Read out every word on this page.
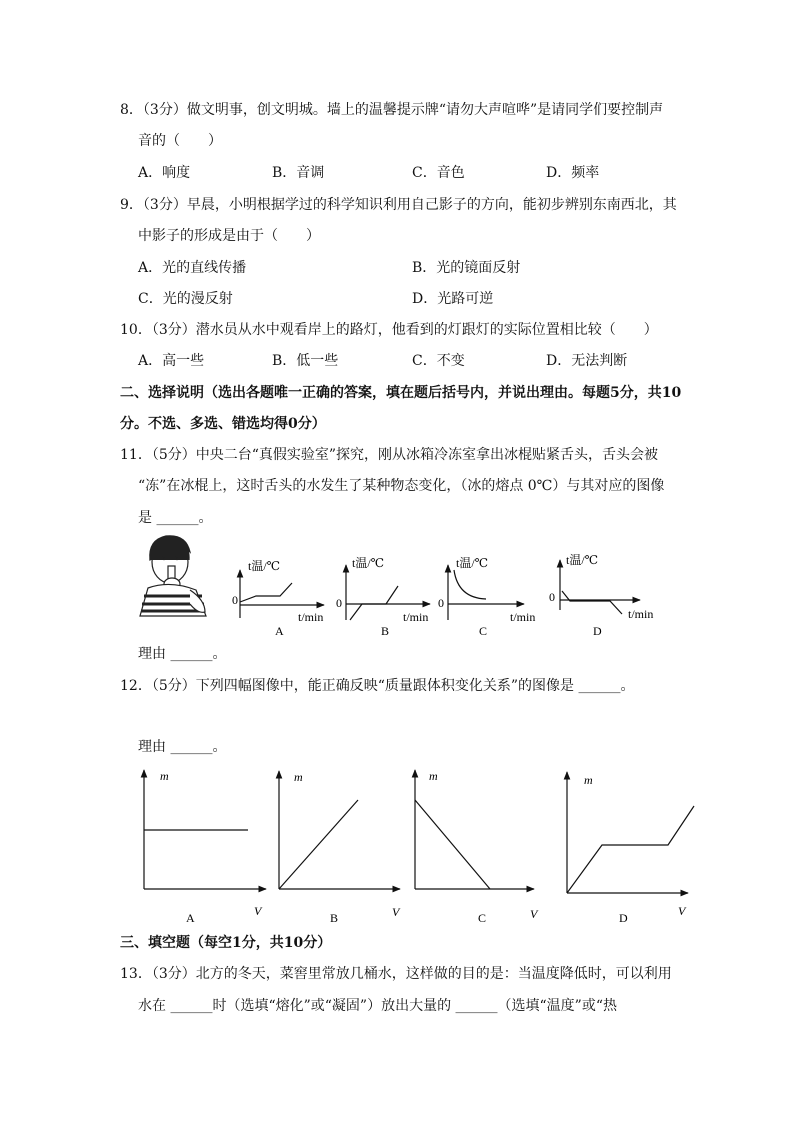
8．（3分）做文明事，创文明城。墙上的温馨提示牌“请勿大声喧哗”是请同学们要控制声
音的（　　）
A．响度	B．音调	C．音色	D．频率
9．（3分）早晨，小明根据学过的科学知识利用自己影子的方向，能初步辨别东南西北，其
中影子的形成是由于（　　）
A．光的直线传播	B．光的镜面反射
C．光的漫反射	D．光路可逆
10．（3分）潜水员从水中观看岸上的路灯，他看到的灯跟灯的实际位置相比较（　　）
A．高一些	B．低一些	C．不变	D．无法判断
二、选择说明（选出各题唯一正确的答案，填在题后括号内，并说出理由。每题5分，共10
分。不选、多选、错选均得0分）
11．（5分）中央二台“真假实验室”探究，刚从冰箱冷冻室拿出冰棍贴紧舌头，舌头会被
“冻”在冰棍上，这时舌头的水发生了某种物态变化，（冰的熔点 0℃）与其对应的图像
是 ______。
t温/℃
0
t/min
A
t温/℃
0
t/min
B
t温/℃
0
t/min
C
t温/℃
0
t/min
D
m
V
A
m
V
B
m
V
C
m
V
D
理由 ______。
12．（5分）下列四幅图像中，能正确反映“质量跟体积变化关系”的图像是 ______。
理由 ______。
三、填空题（每空1分，共10分）
13．（3分）北方的冬天，菜窖里常放几桶水，这样做的目的是：当温度降低时，可以利用
水在 ______时（选填“熔化”或“凝固”）放出大量的 ______（选填“温度”或“热
